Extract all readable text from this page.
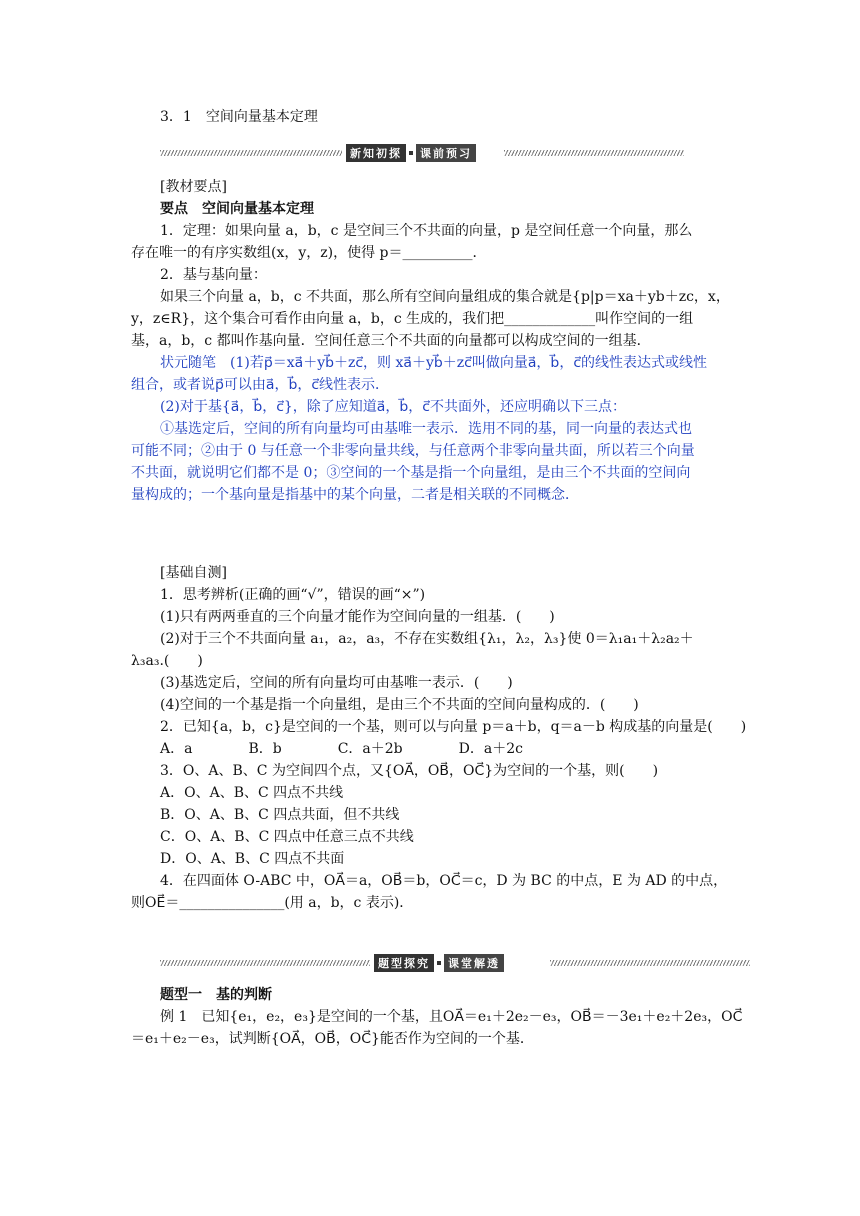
3．1　空间向量基本定理
新知初探	课前预习
题型探究	课堂解透
[教材要点]
要点　空间向量基本定理
1．定理：如果向量 a，b，c 是空间三个不共面的向量，p 是空间任意一个向量，那么
存在唯一的有序实数组(x，y，z)，使得 p＝__________．
2．基与基向量：
如果三个向量 a，b，c 不共面，那么所有空间向量组成的集合就是{p|p＝xa＋yb＋zc，x，
y，z∈R}，这个集合可看作由向量 a，b，c 生成的，我们把_____________叫作空间的一组
基，a，b，c 都叫作基向量．空间任意三个不共面的向量都可以构成空间的一组基．
状元随笔　(1)若p⃗＝xa⃗＋yb⃗＋zc⃗，则 xa⃗＋yb⃗＋zc⃗叫做向量a⃗，b⃗，c⃗的线性表达式或线性
组合，或者说p⃗可以由a⃗，b⃗，c⃗线性表示．
(2)对于基{a⃗，b⃗，c⃗}，除了应知道a⃗，b⃗，c⃗不共面外，还应明确以下三点：
①基选定后，空间的所有向量均可由基唯一表示．选用不同的基，同一向量的表达式也
可能不同；②由于 0 与任意一个非零向量共线，与任意两个非零向量共面，所以若三个向量
不共面，就说明它们都不是 0；③空间的一个基是指一个向量组，是由三个不共面的空间向
量构成的；一个基向量是指基中的某个向量，二者是相关联的不同概念．
[基础自测]
1．思考辨析(正确的画“√”，错误的画“×”)
(1)只有两两垂直的三个向量才能作为空间向量的一组基．(　　)
(2)对于三个不共面向量 a₁，a₂，a₃，不存在实数组{λ₁，λ₂，λ₃}使 0＝λ₁a₁＋λ₂a₂＋
λ₃a₃.(　　)
(3)基选定后，空间的所有向量均可由基唯一表示．(　　)
(4)空间的一个基是指一个向量组，是由三个不共面的空间向量构成的．(　　)
2．已知{a，b，c}是空间的一个基，则可以与向量 p＝a＋b，q＝a－b 构成基的向量是(　　)
A．a　　　　B．b　　　　C．a＋2b　　　　D．a＋2c
3．O、A、B、C 为空间四个点，又{OA⃗，OB⃗，OC⃗}为空间的一个基，则(　　)
A．O、A、B、C 四点不共线
B．O、A、B、C 四点共面，但不共线
C．O、A、B、C 四点中任意三点不共线
D．O、A、B、C 四点不共面
4．在四面体 O-ABC 中，OA⃗＝a，OB⃗＝b，OC⃗＝c，D 为 BC 的中点，E 为 AD 的中点，
则OE⃗＝_______________(用 a，b，c 表示)．
题型一　基的判断
例 1　已知{e₁，e₂，e₃}是空间的一个基，且OA⃗＝e₁＋2e₂－e₃，OB⃗＝－3e₁＋e₂＋2e₃，OC⃗
＝e₁＋e₂－e₃，试判断{OA⃗，OB⃗，OC⃗}能否作为空间的一个基．
